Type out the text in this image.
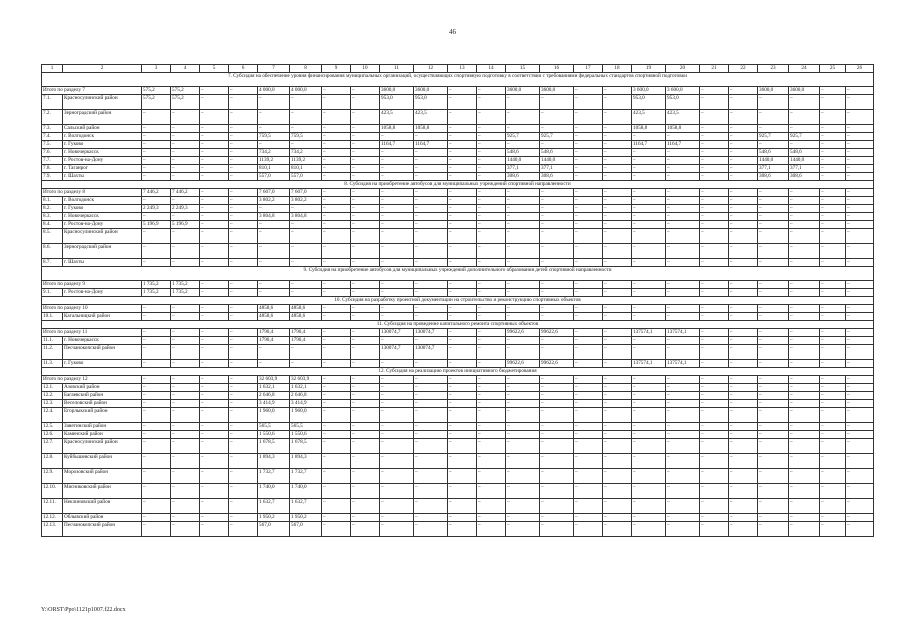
46
1	2	3	4	5	6	7	8	9	10	11	12	13	14	15	16	17	18	19	20	21	22	23	24	25	26
7. Субсидия на обеспечение уровня финансирования муниципальных организаций, осуществляющих спортивную подготовку в соответствии с требованиями федеральных стандартов спортивной подготовки																									
Итого по разделу 7		575,2	575,2	–	–	4 000,0	4 000,0	–	–	3600,0	3600,0	–	–	3600,0	3600,0	–	–	3 600,0	3 600,0	–	–	3600,0	3600,0	–	–
7.1.	Красносулинский район	575,2	575,2	–	–	–	–	–	–	953,0	953,0	–	–	–	–	–	–	953,0	953,0	–	–	–	–	–	–
7.2.	Зерноградский район	–	–	–	–	–	–	–	–	423,5	423,5	–	–	–	–	–	–	423,5	423,5	–	–	–	–	–	–
7.3.	Сальский район	–	–	–	–	–	–	–	–	1058,8	1058,8	–	–	–	–	–	–	1058,8	1058,8	–	–	–	–	–	–
7.4.	г. Волгодонск	–	–	–	–	759,5	759,5	–	–	–	–	–	–	925,7	925,7	–	–	–	–	–	–	925,7	925,7	–	–
7.5.	г. Гуково	–	–	–	–	–	–	–	–	1164,7	1164,7	–	–	–	–	–	–	1164,7	1164,7	–	–	–	–	–	–
7.6.	г. Новочеркасск	–	–	–	–	734,2	734,2	–	–	–	–	–	–	548,6	548,6	–	–	–	–	–	–	548,6	548,6	–	–
7.7.	г. Ростов-на-Дону	–	–	–	–	1139,2	1139,2	–	–	–	–	–	–	1440,0	1440,0	–	–	–	–	–	–	1440,0	1440,0	–	–
7.8.	г. Таганрог	–	–	–	–	810,1	810,1	–	–	–	–	–	–	377,1	377,1	–	–	–	–	–	–	377,1	377,1	–	–
7.9.	г. Шахты	–	–	–	–	557,0	557,0	–	–	–	–	–	–	308,6	308,6	–	–	–	–	–	–	308,6	308,6	–	–
8. Субсидия на приобретение автобусов для муниципальных учреждений спортивной направленности																									
Итого по разделу 8		7 446,2	7 446,2	–	–	7 607,0	7 607,0	–	–	–	–	–	–	–	–	–	–	–	–	–	–	–	–	–	–
8.1.	г. Волгодонск	–	–	–	–	3 802,2	3 802,2	–	–	–	–	–	–	–	–	–	–	–	–	–	–	–	–	–	–
8.2.	г. Гуково	2 249,3	2 249,3	–	–	–	–	–	–	–	–	–	–	–	–	–	–	–	–	–	–	–	–	–	–
8.3.	г. Новочеркасск	–	–	–	–	3 804,8	3 804,8	–	–	–	–	–	–	–	–	–	–	–	–	–	–	–	–	–	–
8.4.	г. Ростов-на-Дону	5 196,9	5 196,9	–	–	–	–	–	–	–	–	–	–	–	–	–	–	–	–	–	–	–	–	–	–
8.5.	Красносулинский район	–	–	–	–	–	–	–	–	–	–	–	–	–	–	–	–	–	–	–	–	–	–	–	–
8.6.	Зерноградский район	–	–	–	–	–	–	–	–	–	–	–	–	–	–	–	–	–	–	–	–	–	–	–	–
8.7.	г. Шахты	–	–	–	–	–	–	–	–	–	–	–	–	–	–	–	–	–	–	–	–	–	–	–	–
9. Субсидия на приобретение автобусов для муниципальных учреждений дополнительного образования детей спортивной направленности																									
Итого по разделу 9		1 735,2	1 735,2	–	–	–	–	–	–	–	–	–	–	–	–	–	–	–	–	–	–	–	–	–	–
9.1.	г. Ростов-на-Дону	1 735,2	1 735,2	–	–	–	–	–	–	–	–	–	–	–	–	–	–	–	–	–	–	–	–	–	–
10. Субсидия на разработку проектной документации на строительство и реконструкцию спортивных объектов																									
Итого по разделу 10		–	–	–	–	4858,6	4858,6	–	–	–	–	–	–	–	–	–	–	–	–	–	–	–	–	–	–
10.1.	Кагальницкий район	–	–	–	–	4858,6	4858,6	–	–	–	–	–	–	–	–	–	–	–	–	–	–	–	–	–	–
11. Субсидия на проведение капитального ремонта спортивных объектов																									
Итого по разделу 11		–	–	–	–	1790,4	1790,4	–	–	130074,7	130074,7	–	–	99622,6	99622,6	–	–	137574,1	137574,1	–	–	–	–	–	–
11.1.	г. Новочеркасск	–	–	–	–	1790,4	1790,4	–	–	–	–	–	–	–	–	–	–	–	–	–	–	–	–	–	–
11.2.	Песчанокопский район	–	–	–	–	–	–	–	–	130074,7	130074,7	–	–	–	–	–	–	–	–	–	–	–	–	–	–
11.3.	г. Гуково	–	–	–	–	–	–	–	–	–	–	–	–	99622,6	99622,6	–	–	137574,1	137574,1	–	–	–	–	–	–
12. Субсидия на реализацию проектов инициативного бюджетирования																									
Итого по разделу 12		–	–	–	–	32 603,9	32 603,9	–	–	–	–	–	–	–	–	–	–	–	–	–	–	–	–	–	–
12.1.	Азовский район	–	–	–	–	1 632,1	1 632,1	–	–	–	–	–	–	–	–	–	–	–	–	–	–	–	–	–	–
12.2.	Багаевский район	–	–	–	–	2 646,8	2 646,8	–	–	–	–	–	–	–	–	–	–	–	–	–	–	–	–	–	–
12.3.	Веселовский район	–	–	–	–	3 414,9	3 414,9	–	–	–	–	–	–	–	–	–	–	–	–	–	–	–	–	–	–
12.4.	Егорлыкский район	–	–	–	–	1 960,0	1 960,0	–	–	–	–	–	–	–	–	–	–	–	–	–	–	–	–	–	–
12.5.	Заветинский район	–	–	–	–	565,5	565,5	–	–	–	–	–	–	–	–	–	–	–	–	–	–	–	–	–	–
12.6.	Каменский район	–	–	–	–	1 550,6	1 550,6	–	–	–	–	–	–	–	–	–	–	–	–	–	–	–	–	–	–
12.7.	Красносулинский район	–	–	–	–	1 678,5	1 678,5	–	–	–	–	–	–	–	–	–	–	–	–	–	–	–	–	–	–
12.8.	Куйбышевский район	–	–	–	–	1 894,3	1 894,3	–	–	–	–	–	–	–	–	–	–	–	–	–	–	–	–	–	–
12.9.	Морозовский район	–	–	–	–	1 732,7	1 732,7	–	–	–	–	–	–	–	–	–	–	–	–	–	–	–	–	–	–
12.10.	Мясниковский район	–	–	–	–	1 740,0	1 740,0	–	–	–	–	–	–	–	–	–	–	–	–	–	–	–	–	–	–
12.11.	Неклиновский район	–	–	–	–	1 632,7	1 632,7	–	–	–	–	–	–	–	–	–	–	–	–	–	–	–	–	–	–
12.12.	Облывский район	–	–	–	–	1 950,2	1 950,2	–	–	–	–	–	–	–	–	–	–	–	–	–	–	–	–	–	–
12.13.	Песчанокопский район	–	–	–	–	567,0	567,0	–	–	–	–	–	–	–	–	–	–	–	–	–	–	–	–	–	–
Y:\ORST\Ppo\1121p1007.f22.docx
